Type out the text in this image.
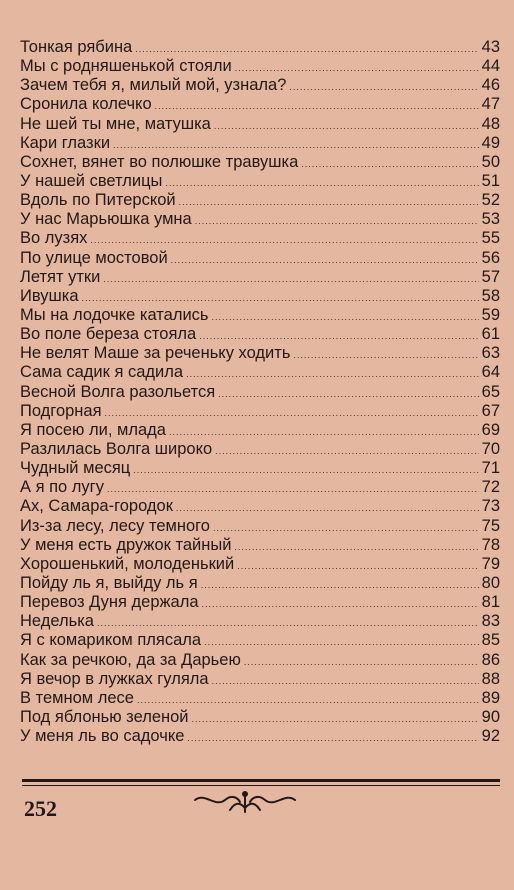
Тонкая рябина .....	43
Мы с родняшенькой стояли .....	44
Зачем тебя я, милый мой, узнала? .....	46
Сронила колечко .....	47
Не шей ты мне, матушка .....	48
Кари глазки .....	49
Сохнет, вянет во полюшке травушка .....	50
У нашей светлицы .....	51
Вдоль по Питерской .....	52
У нас Марьюшка умна .....	53
Во лузях .....	55
По улице мостовой .....	56
Летят утки .....	57
Ивушка .....	58
Мы на лодочке катались .....	59
Во поле береза стояла .....	61
Не велят Маше за реченьку ходить .....	63
Сама садик я садила .....	64
Весной Волга разольется .....	65
Подгорная .....	67
Я посею ли, млада .....	69
Разлилась Волга широко .....	70
Чудный месяц .....	71
А я по лугу .....	72
Ах, Самара-городок .....	73
Из-за лесу, лесу темного .....	75
У меня есть дружок тайный .....	78
Хорошенький, молоденький .....	79
Пойду ль я, выйду ль я .....	80
Перевоз Дуня держала .....	81
Неделька .....	83
Я с комариком плясала .....	85
Как за речкою, да за Дарьею .....	86
Я вечор в лужках гуляла .....	88
В темном лесе .....	89
Под яблонью зеленой .....	90
У меня ль во садочке .....	92
252
